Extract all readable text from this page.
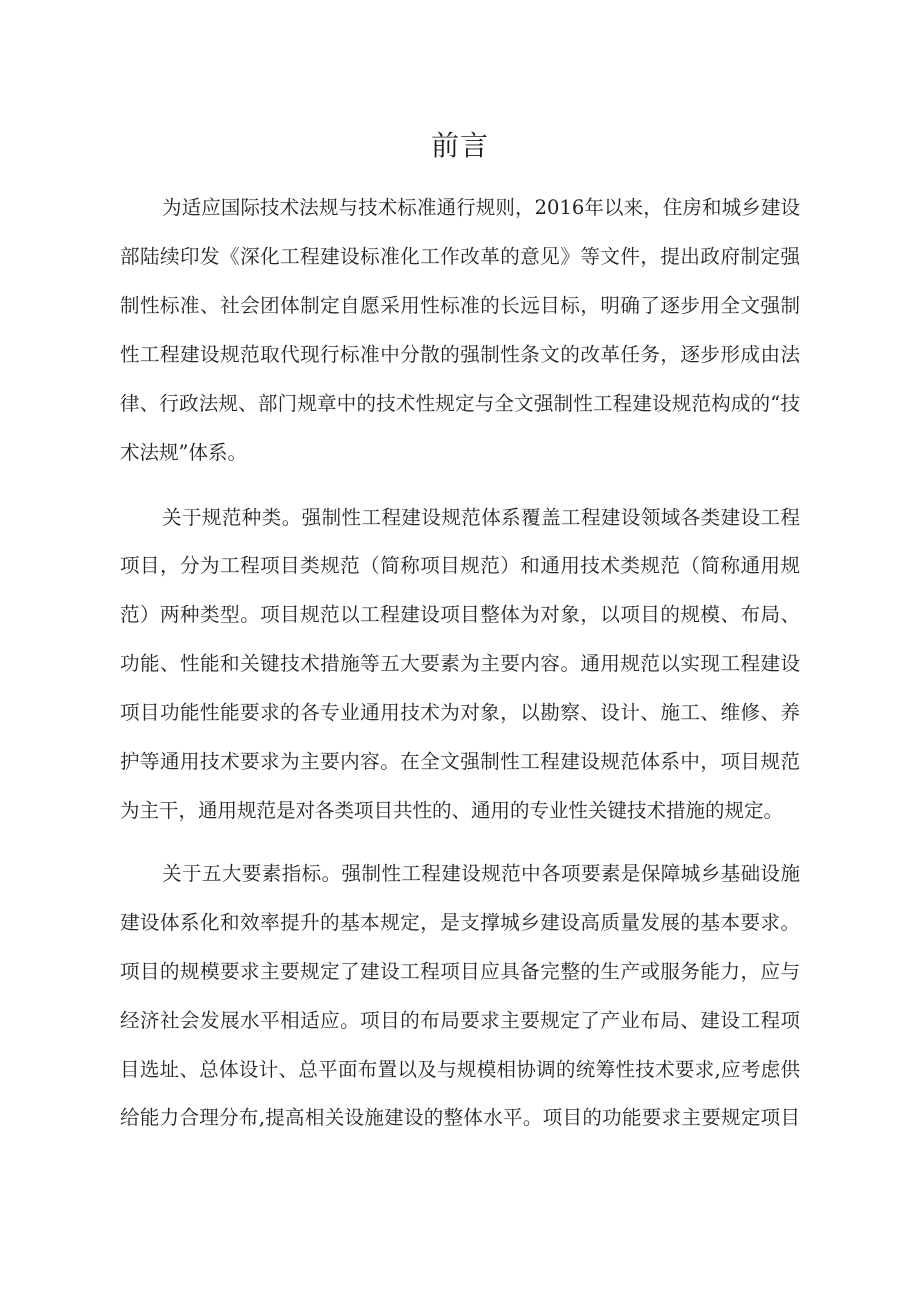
前言
为适应国际技术法规与技术标准通行规则，2016年以来，住房和城乡建设
部陆续印发《深化工程建设标准化工作改革的意见》等文件，提出政府制定强
制性标准、社会团体制定自愿采用性标准的长远目标，明确了逐步用全文强制
性工程建设规范取代现行标准中分散的强制性条文的改革任务，逐步形成由法
律、行政法规、部门规章中的技术性规定与全文强制性工程建设规范构成的“技
术法规”体系。
关于规范种类。强制性工程建设规范体系覆盖工程建设领域各类建设工程
项目，分为工程项目类规范（简称项目规范）和通用技术类规范（简称通用规
范）两种类型。项目规范以工程建设项目整体为对象，以项目的规模、布局、
功能、性能和关键技术措施等五大要素为主要内容。通用规范以实现工程建设
项目功能性能要求的各专业通用技术为对象，以勘察、设计、施工、维修、养
护等通用技术要求为主要内容。在全文强制性工程建设规范体系中，项目规范
为主干，通用规范是对各类项目共性的、通用的专业性关键技术措施的规定。
关于五大要素指标。强制性工程建设规范中各项要素是保障城乡基础设施
建设体系化和效率提升的基本规定，是支撑城乡建设高质量发展的基本要求。
项目的规模要求主要规定了建设工程项目应具备完整的生产或服务能力，应与
经济社会发展水平相适应。项目的布局要求主要规定了产业布局、建设工程项
目选址、总体设计、总平面布置以及与规模相协调的统筹性技术要求,应考虑供
给能力合理分布,提高相关设施建设的整体水平。项目的功能要求主要规定项目
